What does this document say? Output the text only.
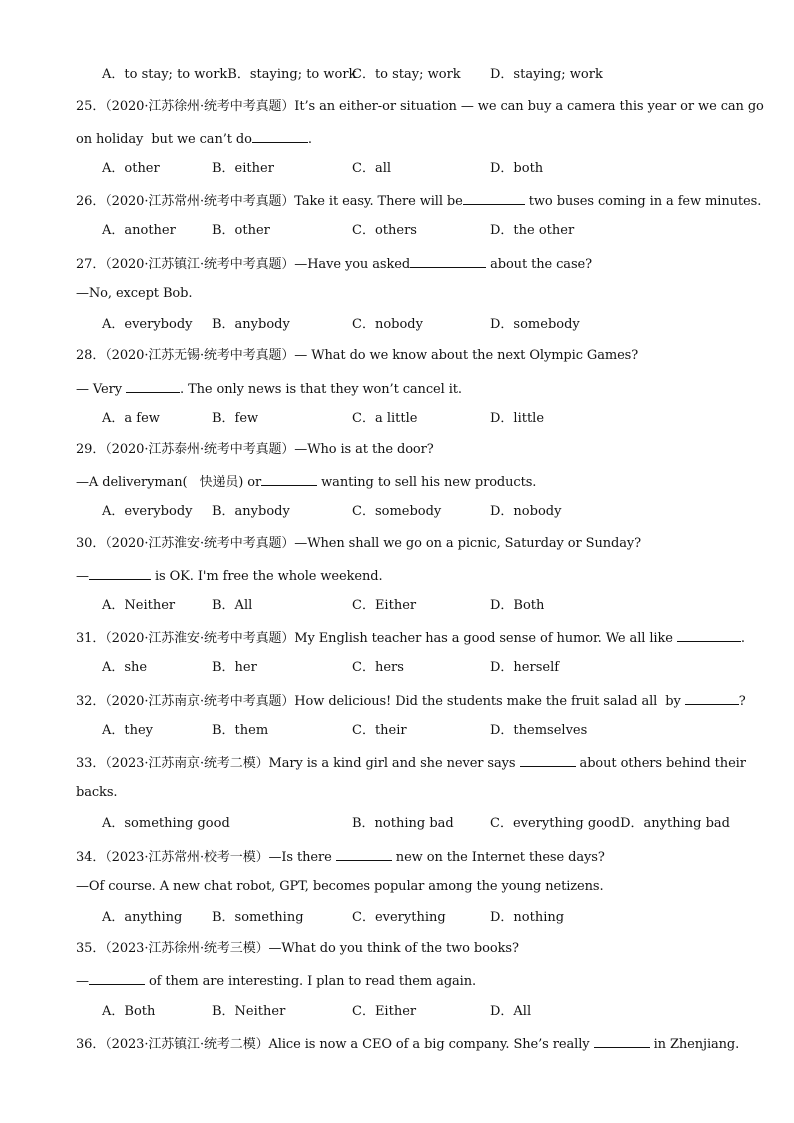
A．to stay; to workB．staying; to work
C．to stay; work D．staying; work
25．（2020·江苏徐州·统考中考真题）It’s an either-or situation — we can buy a camera this year or we can go
on holiday  but we can’t do	.
A．other	B．either	C．all	D．both
26．（2020·江苏常州·统考中考真题）Take it easy. There will be	two buses coming in a few minutes.
A．another	B．other	C．others	D．the other
27．（2020·江苏镇江·统考中考真题）—Have you asked	about the case?
—No, except Bob.
A．everybody B．anybody	C．nobody	D．somebody
28．（2020·江苏无锡·统考中考真题）— What do we know about the next Olympic Games?
— Very	. The only news is that they won’t cancel it.
A．a few	B．few	C．a little	D．little
29．（2020·江苏泰州·统考中考真题）—Who is at the door?
—A deliveryman(   快递员) or	wanting to sell his new products.
A．everybody B．anybody	C．somebody	D．nobody
30．（2020·江苏淮安·统考中考真题）—When shall we go on a picnic, Saturday or Sunday?
—	is OK. I'm free the whole weekend.
A．Neither	B．All	C．Either	D．Both
31．（2020·江苏淮安·统考中考真题）My English teacher has a good sense of humor. We all like	.
A．she	B．her	C．hers	D．herself
32．（2020·江苏南京·统考中考真题）How delicious! Did the students make the fruit salad all  by	?
A．they	B．them	C．their	D．themselves
33．（2023·江苏南京·统考二模）Mary is a kind girl and she never says	about others behind their
backs.
A．something good	B．nothing bad	C．everything goodD．anything bad
34．（2023·江苏常州·校考一模）—Is there	new on the Internet these days?
—Of course. A new chat robot, GPT, becomes popular among the young netizens.
A．anything B．something	C．everything	D．nothing
35．（2023·江苏徐州·统考三模）—What do you think of the two books?
—	of them are interesting. I plan to read them again.
A．Both	B．Neither	C．Either	D．All
36．（2023·江苏镇江·统考二模）Alice is now a CEO of a big company. She’s really	in Zhenjiang.
